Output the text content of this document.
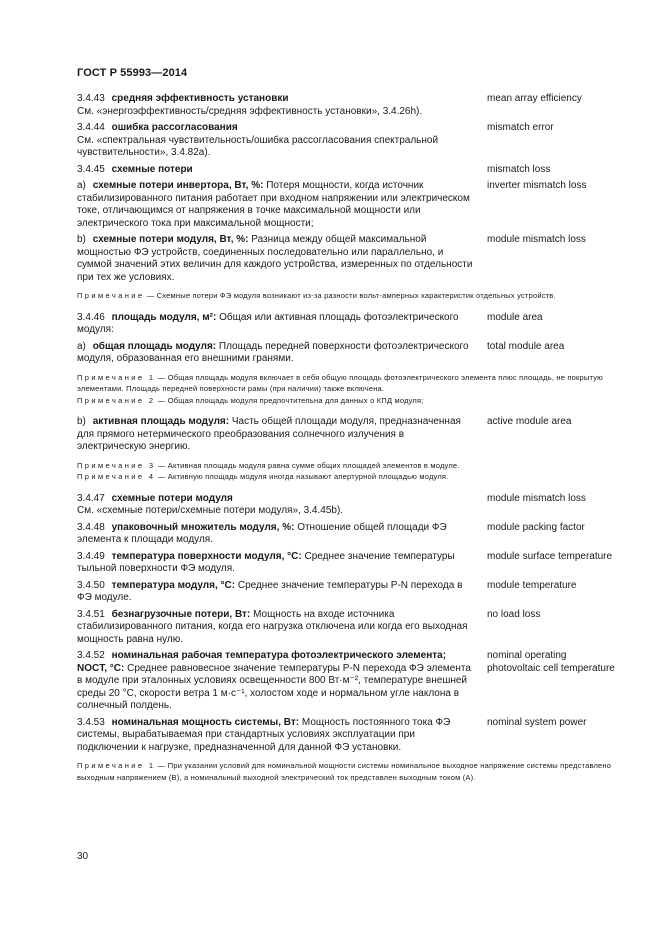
ГОСТ Р 55993—2014
3.4.43 средняя эффективность установки
См. «энергоэффективность/средняя эффективность установки», 3.4.26h).
mean array efficiency
3.4.44 ошибка рассогласования
См. «спектральная чувствительность/ошибка рассогласования спектральной чувствительности», 3.4.82a).
mismatch error
3.4.45 схемные потери	mismatch loss
a) схемные потери инвертора, Вт, %: Потеря мощности, когда источник стабилизированного питания работает при входном напряжении или электрическом токе, отличающимся от напряжения в точке максимальной мощности или электрического тока при максимальной мощности;
inverter mismatch loss
b) схемные потери модуля, Вт, %: Разница между общей максимальной мощностью ФЭ устройств, соединенных последовательно или параллельно, и суммой значений этих величин для каждого устройства, измеренных по отдельности при тех же условиях.
module mismatch loss
Примечание — Схемные потери ФЭ модуля возникают из-за разности вольт-амперных характеристик отдельных устройств.
3.4.46 площадь модуля, м²: Общая или активная площадь фотоэлектрического модуля:
module area
a) общая площадь модуля: Площадь передней поверхности фотоэлектрического модуля, образованная его внешними гранями.
total module area
Примечание 1 — Общая площадь модуля включает в себя общую площадь фотоэлектрического элемента плюс площадь, не покрытую элементами. Площадь передней поверхности рамы (при наличии) также включена.
Примечание 2 — Общая площадь модуля предпочтительна для данных о КПД модуля;
b) активная площадь модуля: Часть общей площади модуля, предназначенная для прямого нетермического преобразования солнечного излучения в электрическую энергию.
active module area
Примечание 3 — Активная площадь модуля равна сумме общих площадей элементов в модуле.
Примечание 4 — Активную площадь модуля иногда называют апертурной площадью модуля.
3.4.47 схемные потери модуля
См. «схемные потери/схемные потери модуля», 3.4.45b).
module mismatch loss
3.4.48 упаковочный множитель модуля, %: Отношение общей площади ФЭ элемента к площади модуля.
module packing factor
3.4.49 температура поверхности модуля, °С: Среднее значение температуры тыльной поверхности ФЭ модуля.
module surface temperature
3.4.50 температура модуля, °С: Среднее значение температуры P-N перехода в ФЭ модуле.
module temperature
3.4.51 безнагрузочные потери, Вт: Мощность на входе источника стабилизированного питания, когда его нагрузка отключена или когда его выходная мощность равна нулю.
no load loss
3.4.52 номинальная рабочая температура фотоэлектрического элемента; NOCT, °С: Среднее равновесное значение температуры P-N перехода ФЭ элемента в модуле при эталонных условиях освещенности 800 Вт·м⁻², температуре внешней среды 20 °С, скорости ветра 1 м·с⁻¹, холостом ходе и нормальном угле наклона в солнечный полдень.
nominal operating photovoltaic cell temperature
3.4.53 номинальная мощность системы, Вт: Мощность постоянного тока ФЭ системы, вырабатываемая при стандартных условиях эксплуатации при подключении к нагрузке, предназначенной для данной ФЭ установки.
nominal system power
Примечание 1 — При указании условий для номинальной мощности системы номинальное выходное напряжение системы представлено выходным напряжением (В), а номинальный выходной электрический ток представлен выходным током (А).
30
